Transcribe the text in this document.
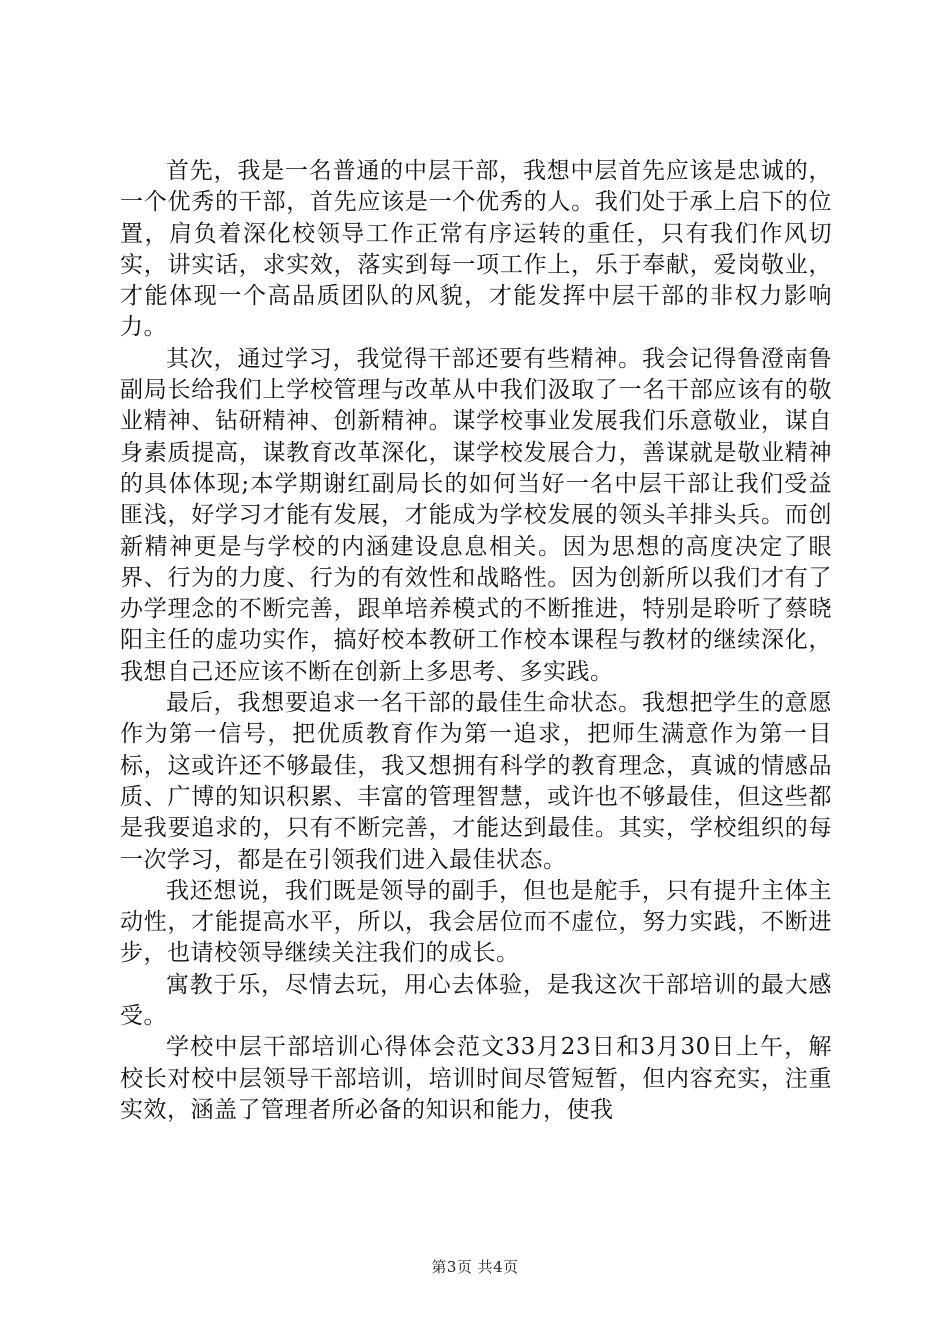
首先，我是一名普通的中层干部，我想中层首先应该是忠诚的，一个优秀的干部，首先应该是一个优秀的人。我们处于承上启下的位置，肩负着深化校领导工作正常有序运转的重任，只有我们作风切实，讲实话，求实效，落实到每一项工作上，乐于奉献，爱岗敬业，才能体现一个高品质团队的风貌，才能发挥中层干部的非权力影响力。

其次，通过学习，我觉得干部还要有些精神。我会记得鲁澄南鲁副局长给我们上学校管理与改革从中我们汲取了一名干部应该有的敬业精神、钻研精神、创新精神。谋学校事业发展我们乐意敬业，谋自身素质提高，谋教育改革深化，谋学校发展合力，善谋就是敬业精神的具体体现;本学期谢红副局长的如何当好一名中层干部让我们受益匪浅，好学习才能有发展，才能成为学校发展的领头羊排头兵。而创新精神更是与学校的内涵建设息息相关。因为思想的高度决定了眼界、行为的力度、行为的有效性和战略性。因为创新所以我们才有了办学理念的不断完善，跟单培养模式的不断推进，特别是聆听了蔡晓阳主任的虚功实作，搞好校本教研工作校本课程与教材的继续深化，我想自己还应该不断在创新上多思考、多实践。

最后，我想要追求一名干部的最佳生命状态。我想把学生的意愿作为第一信号，把优质教育作为第一追求，把师生满意作为第一目标，这或许还不够最佳，我又想拥有科学的教育理念，真诚的情感品质、广博的知识积累、丰富的管理智慧，或许也不够最佳，但这些都是我要追求的，只有不断完善，才能达到最佳。其实，学校组织的每一次学习，都是在引领我们进入最佳状态。

我还想说，我们既是领导的副手，但也是舵手，只有提升主体主动性，才能提高水平，所以，我会居位而不虚位，努力实践，不断进步，也请校领导继续关注我们的成长。

寓教于乐，尽情去玩，用心去体验，是我这次干部培训的最大感受。

学校中层干部培训心得体会范文33月23日和3月30日上午，解校长对校中层领导干部培训，培训时间尽管短暂，但内容充实，注重实效，涵盖了管理者所必备的知识和能力，使我

第3页 共4页
